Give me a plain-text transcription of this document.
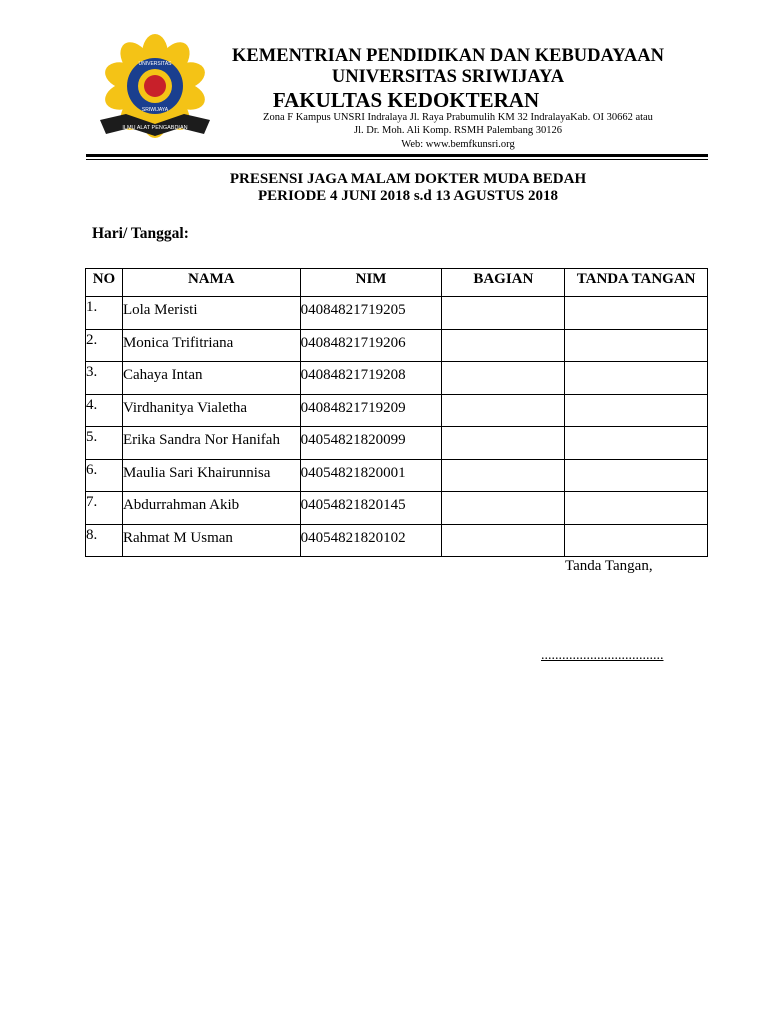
ILMU ALAT PENGABDIAN
UNIVERSITAS
SRIWIJAYA
KEMENTRIAN PENDIDIKAN DAN KEBUDAYAAN
UNIVERSITAS SRIWIJAYA
FAKULTAS KEDOKTERAN
Zona F Kampus UNSRI Indralaya Jl. Raya Prabumulih KM 32 IndralayaKab. OI 30662 atau
Jl. Dr. Moh. Ali Komp. RSMH Palembang 30126
Web: www.bemfkunsri.org
PRESENSI JAGA MALAM DOKTER MUDA BEDAH
PERIODE 4 JUNI 2018 s.d 13 AGUSTUS 2018
Hari/ Tanggal:
NO	NAMA	NIM	BAGIAN	TANDA TANGAN
1.	Lola Meristi	04084821719205		
2.	Monica Trifitriana	04084821719206		
3.	Cahaya Intan	04084821719208		
4.	Virdhanitya Vialetha	04084821719209		
5.	Erika Sandra Nor Hanifah	04054821820099		
6.	Maulia Sari Khairunnisa	04054821820001		
7.	Abdurrahman Akib	04054821820145		
8.	Rahmat M Usman	04054821820102		
Tanda Tangan,
...................................
